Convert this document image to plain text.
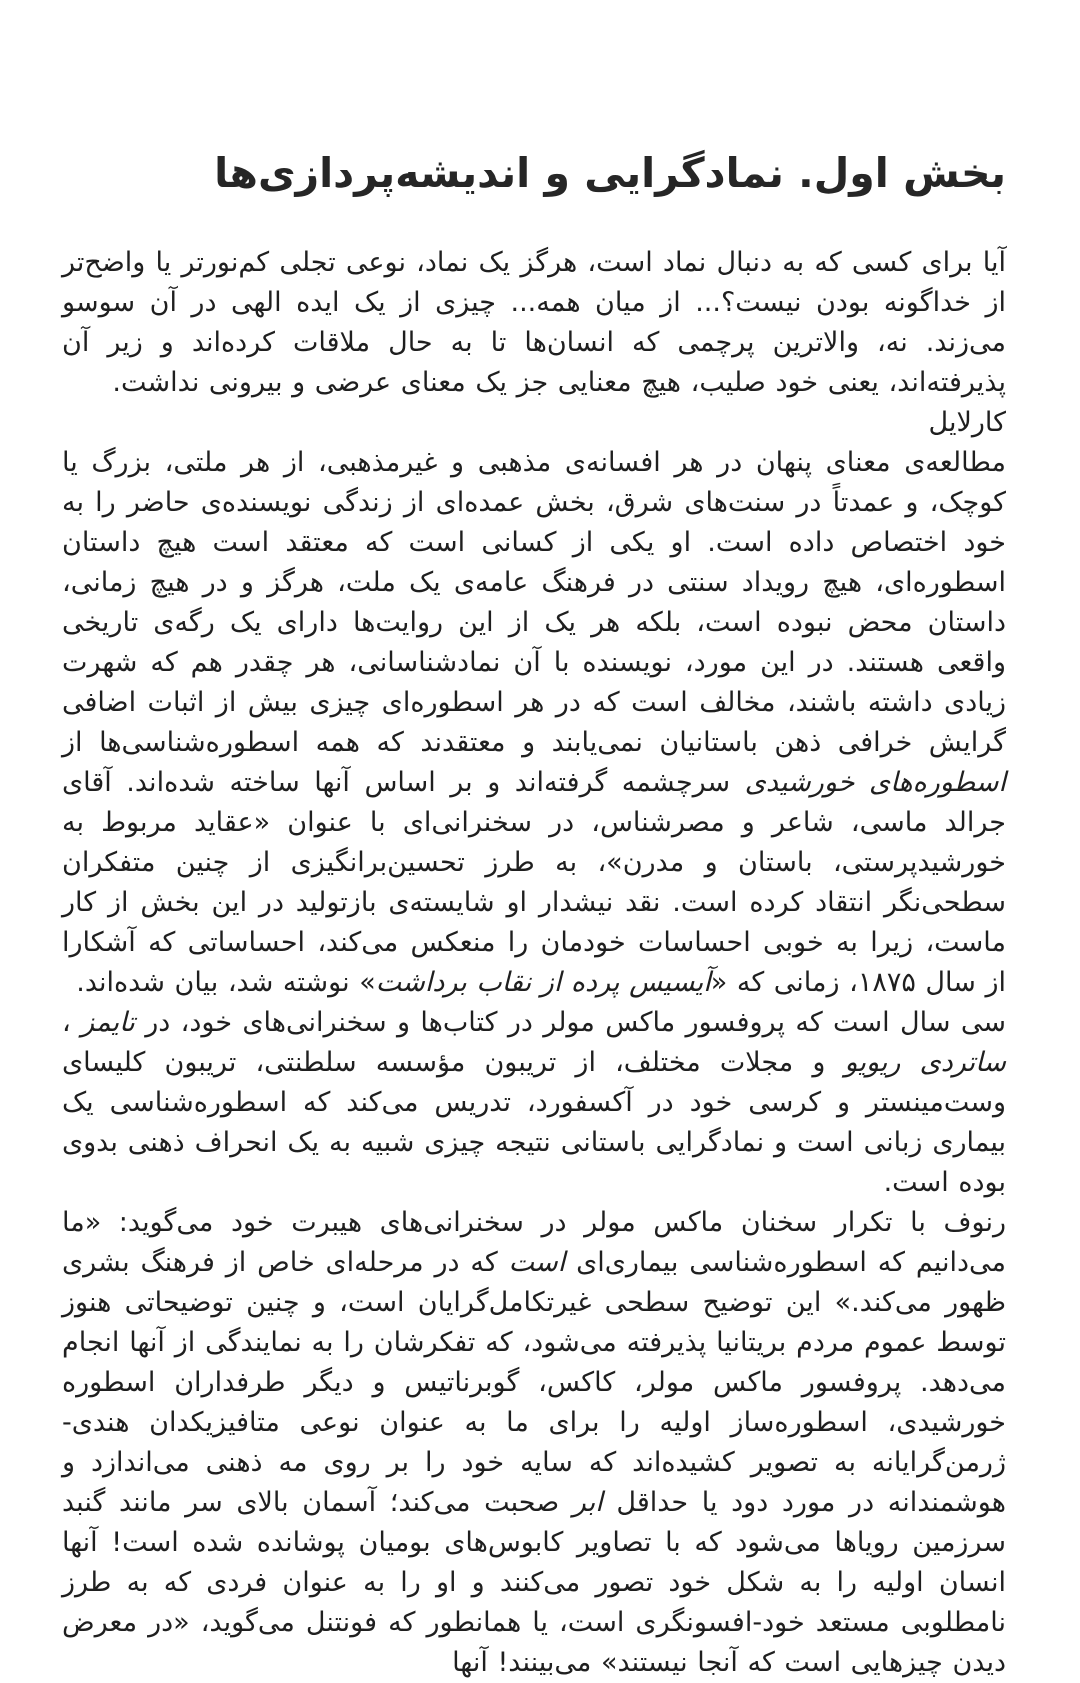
بخش اول. نمادگرایی و اندیشه‌پردازی‌ها

آیا برای کسی که به دنبال نماد است، هرگز یک نماد، نوعی تجلی کم‌نورتر یا واضح‌تر از خداگونه بودن نیست؟... از میان همه... چیزی از یک ایده الهی در آن سوسو می‌زند. نه، والاترین پرچمی که انسان‌ها تا به حال ملاقات کرده‌اند و زیر آن پذیرفته‌اند، یعنی خود صلیب، هیچ معنایی جز یک معنای عرضی و بیرونی نداشت.

کارلایل

مطالعه‌ی معنای پنهان در هر افسانه‌ی مذهبی و غیرمذهبی، از هر ملتی، بزرگ یا کوچک، و عمدتاً در سنت‌های شرق، بخش عمده‌ای از زندگی نویسنده‌ی حاضر را به خود اختصاص داده است. او یکی از کسانی است که معتقد است هیچ داستان اسطوره‌ای، هیچ رویداد سنتی در فرهنگ عامه‌ی یک ملت، هرگز و در هیچ زمانی، داستان محض نبوده است، بلکه هر یک از این روایت‌ها دارای یک رگه‌ی تاریخی واقعی هستند. در این مورد، نویسنده با آن نمادشناسانی، هر چقدر هم که شهرت زیادی داشته باشند، مخالف است که در هر اسطوره‌ای چیزی بیش از اثبات اضافی گرایش خرافی ذهن باستانیان نمی‌یابند و معتقدند که همه اسطوره‌شناسی‌ها از اسطوره‌های خورشیدی سرچشمه گرفته‌اند و بر اساس آنها ساخته شده‌اند. آقای جرالد ماسی، شاعر و مصرشناس، در سخنرانی‌ای با عنوان «عقاید مربوط به خورشیدپرستی، باستان و مدرن»، به طرز تحسین‌برانگیزی از چنین متفکران سطحی‌نگر انتقاد کرده است. نقد نیشدار او شایسته‌ی بازتولید در این بخش از کار ماست، زیرا به خوبی احساسات خودمان را منعکس می‌کند، احساساتی که آشکارا از سال ۱۸۷۵، زمانی که «آیسیس پرده از نقاب برداشت» نوشته شد، بیان شده‌اند.

سی سال است که پروفسور ماکس مولر در کتاب‌ها و سخنرانی‌های خود، در تایمز ، ساتردی ریویو و مجلات مختلف، از تریبون مؤسسه سلطنتی، تریبون کلیسای وست‌مینستر و کرسی خود در آکسفورد، تدریس می‌کند که اسطوره‌شناسی یک بیماری زبانی است و نمادگرایی باستانی نتیجه چیزی شبیه به یک انحراف ذهنی بدوی بوده است.

رنوف با تکرار سخنان ماکس مولر در سخنرانی‌های هیبرت خود می‌گوید: «ما می‌دانیم که اسطوره‌شناسی بیماری‌ای است که در مرحله‌ای خاص از فرهنگ بشری ظهور می‌کند.» این توضیح سطحی غیرتکامل‌گرایان است، و چنین توضیحاتی هنوز توسط عموم مردم بریتانیا پذیرفته می‌شود، که تفکرشان را به نمایندگی از آنها انجام می‌دهد. پروفسور ماکس مولر، کاکس، گوبرناتیس و دیگر طرفداران اسطوره خورشیدی، اسطوره‌ساز اولیه را برای ما به عنوان نوعی متافیزیکدان هندی-ژرمن‌گرایانه به تصویر کشیده‌اند که سایه خود را بر روی مه ذهنی می‌اندازد و هوشمندانه در مورد دود یا حداقل ابر صحبت می‌کند؛ آسمان بالای سر مانند گنبد سرزمین رویاها می‌شود که با تصاویر کابوس‌های بومیان پوشانده شده است! آنها انسان اولیه را به شکل خود تصور می‌کنند و او را به عنوان فردی که به طرز نامطلوبی مستعد خود-افسونگری است، یا همانطور که فونتنل می‌گوید، «در معرض دیدن چیزهایی است که آنجا نیستند» می‌بینند! آنها
